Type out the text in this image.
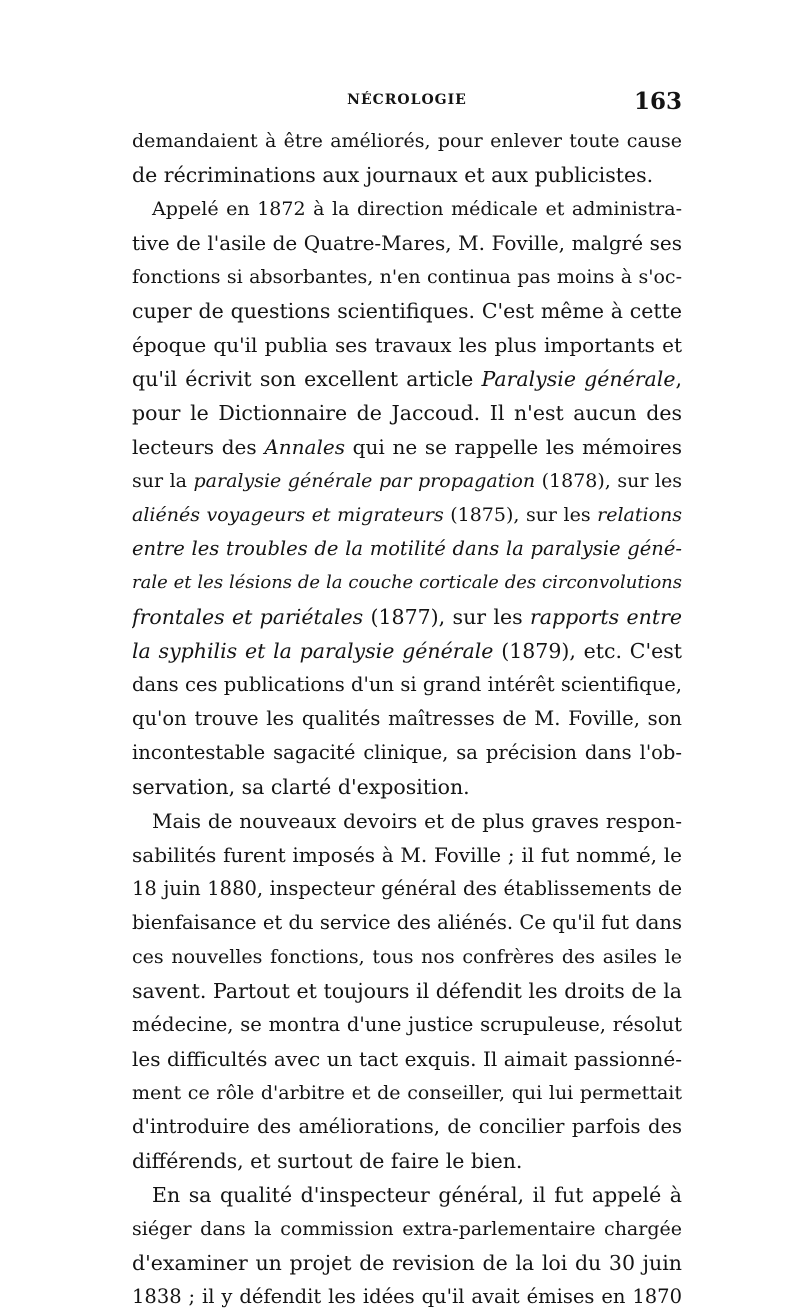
NÉCROLOGIE	163
demandaient à être améliorés, pour enlever toute cause
de récriminations aux journaux et aux publicistes.
Appelé en 1872 à la direction médicale et administra-
tive de l'asile de Quatre-Mares, M. Foville, malgré ses
fonctions si absorbantes, n'en continua pas moins à s'oc-
cuper de questions scientifiques. C'est même à cette
époque qu'il publia ses travaux les plus importants et
qu'il écrivit son excellent article Paralysie générale,
pour le Dictionnaire de Jaccoud. Il n'est aucun des
lecteurs des Annales qui ne se rappelle les mémoires
sur la paralysie générale par propagation (1878), sur les
aliénés voyageurs et migrateurs (1875), sur les relations
entre les troubles de la motilité dans la paralysie géné-
rale et les lésions de la couche corticale des circonvolutions
frontales et pariétales (1877), sur les rapports entre
la syphilis et la paralysie générale (1879), etc. C'est
dans ces publications d'un si grand intérêt scientifique,
qu'on trouve les qualités maîtresses de M. Foville, son
incontestable sagacité clinique, sa précision dans l'ob-
servation, sa clarté d'exposition.
Mais de nouveaux devoirs et de plus graves respon-
sabilités furent imposés à M. Foville ; il fut nommé, le
18 juin 1880, inspecteur général des établissements de
bienfaisance et du service des aliénés. Ce qu'il fut dans
ces nouvelles fonctions, tous nos confrères des asiles le
savent. Partout et toujours il défendit les droits de la
médecine, se montra d'une justice scrupuleuse, résolut
les difficultés avec un tact exquis. Il aimait passionné-
ment ce rôle d'arbitre et de conseiller, qui lui permettait
d'introduire des améliorations, de concilier parfois des
différends, et surtout de faire le bien.
En sa qualité d'inspecteur général, il fut appelé à
siéger dans la commission extra-parlementaire chargée
d'examiner un projet de revision de la loi du 30 juin
1838 ; il y défendit les idées qu'il avait émises en 1870
